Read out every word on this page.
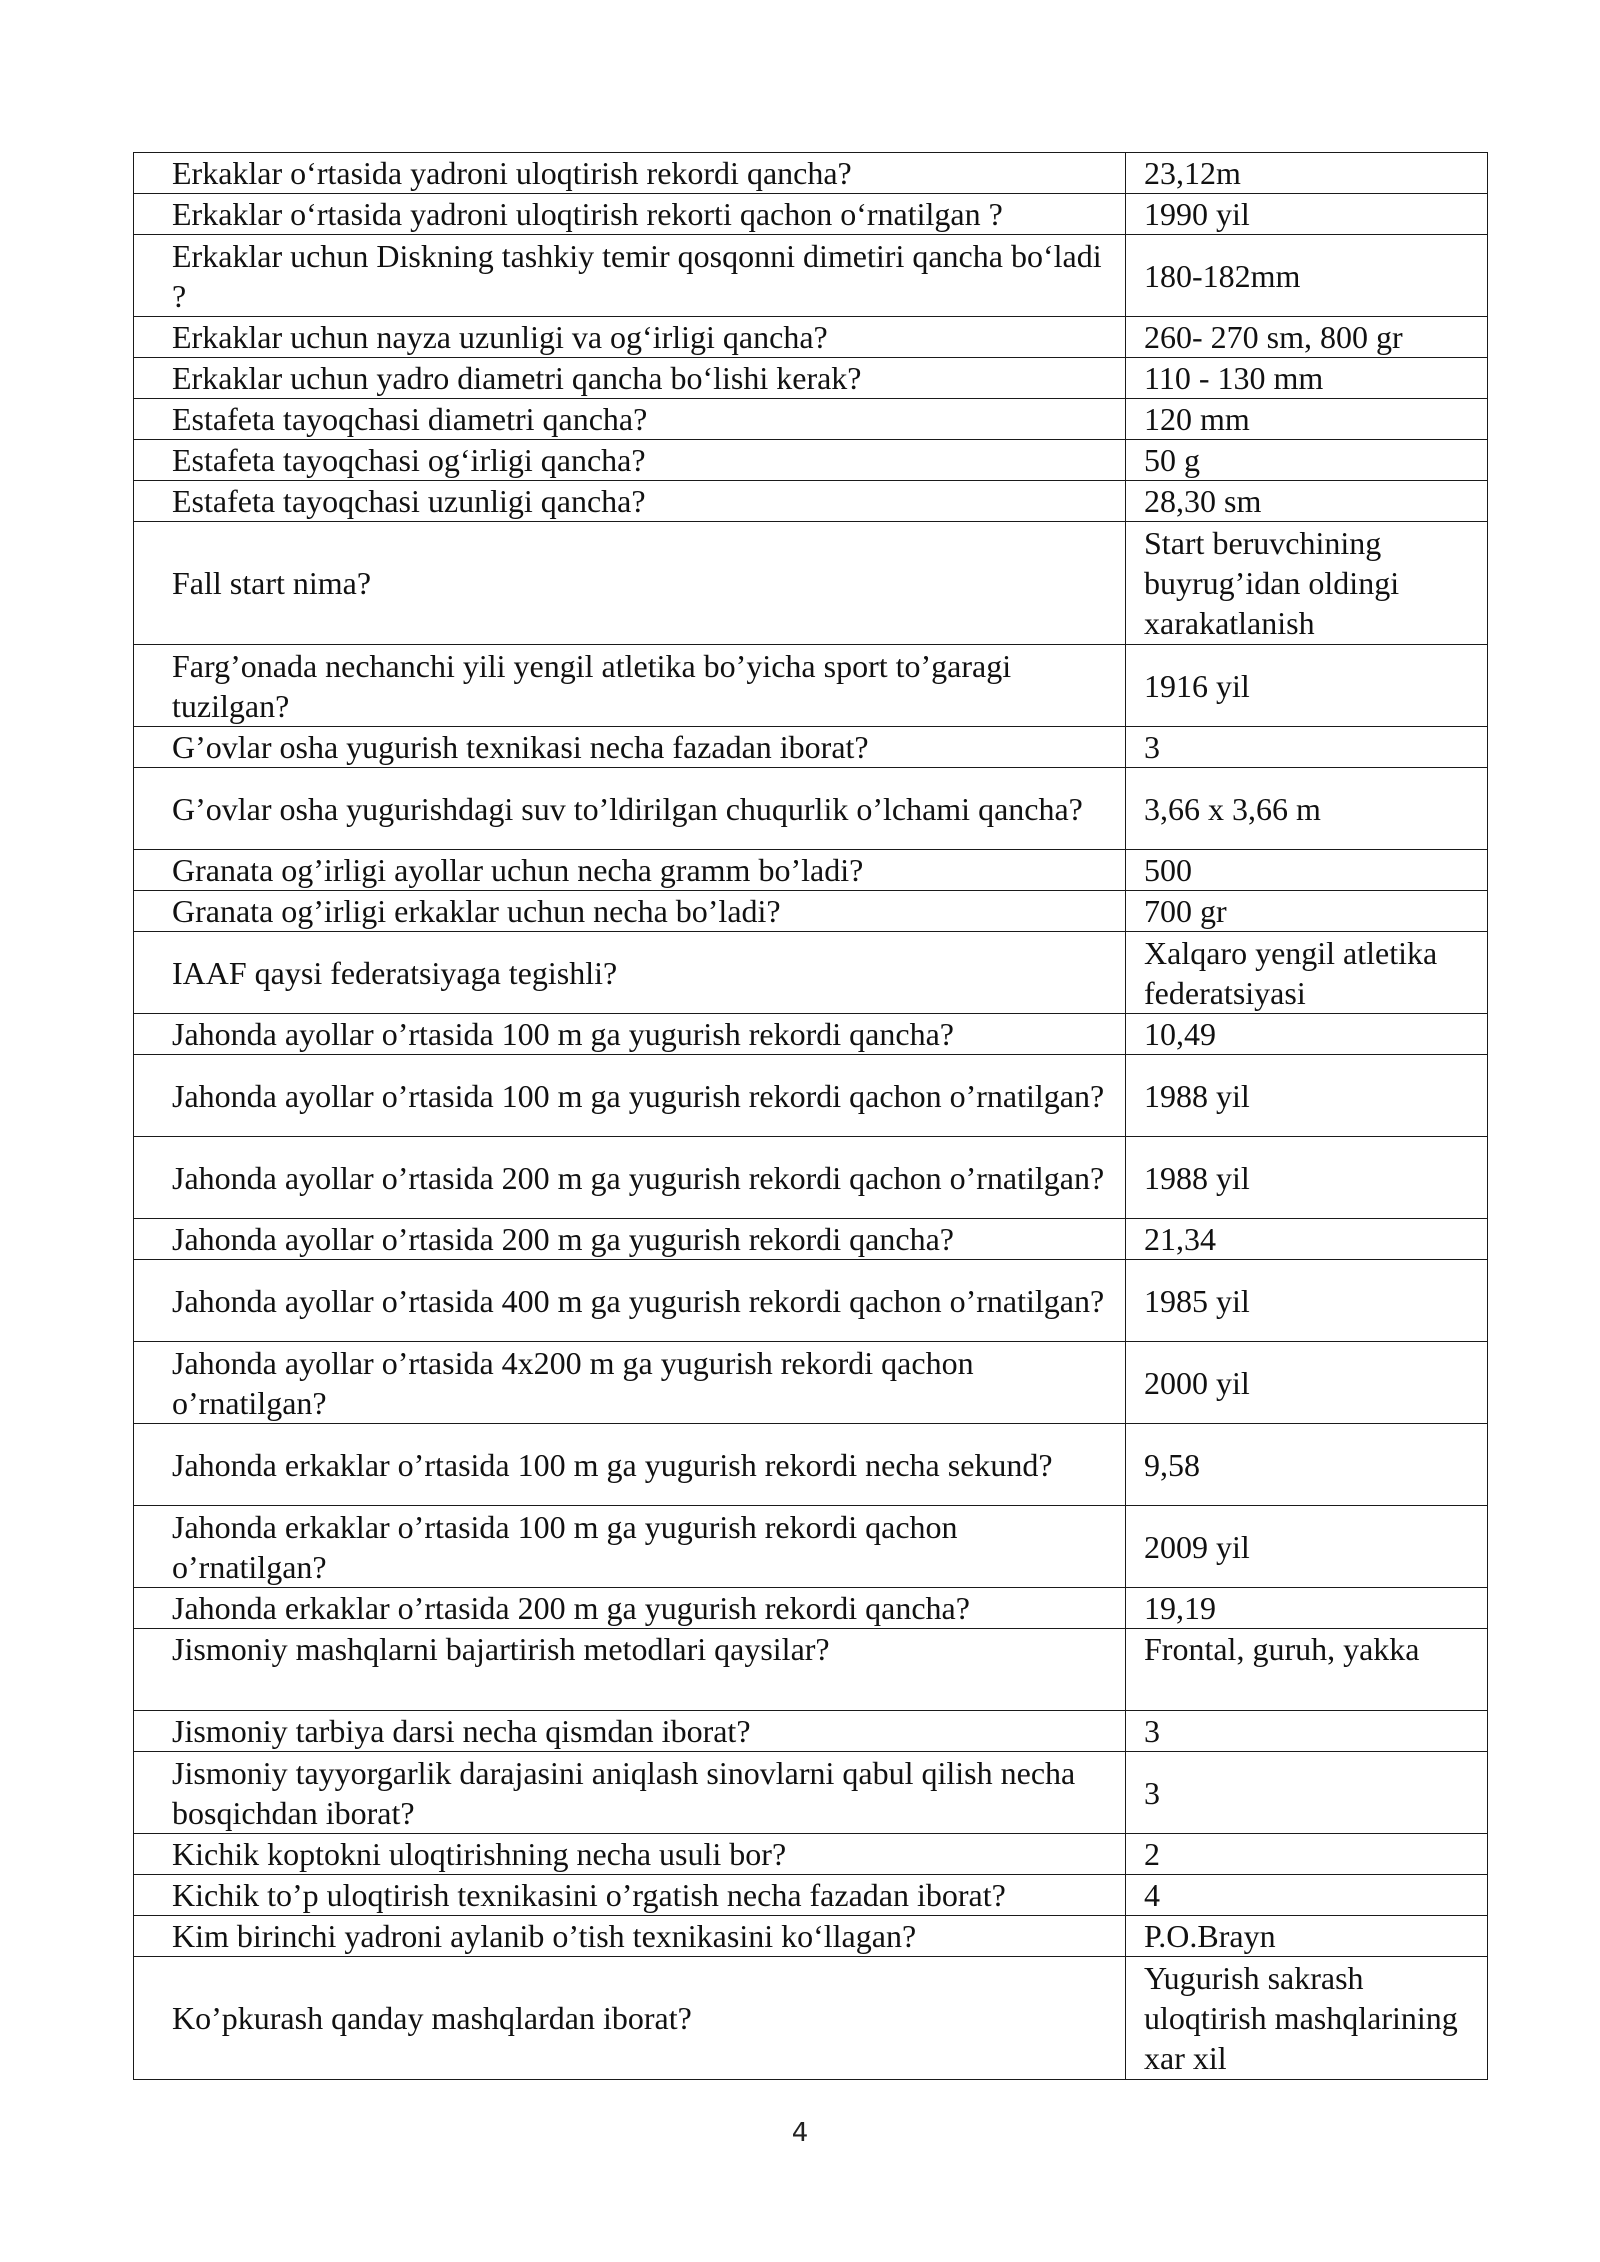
Erkaklar o‘rtasida yadroni uloqtirish rekordi qancha?	23,12m
Erkaklar o‘rtasida yadroni uloqtirish rekorti qachon o‘rnatilgan ?	1990 yil
Erkaklar uchun Diskning tashkiy temir qosqonni dimetiri qancha bo‘ladi ?	180-182mm
Erkaklar uchun nayza uzunligi va og‘irligi qancha?	260- 270 sm, 800 gr
Erkaklar uchun yadro diametri qancha bo‘lishi kerak?	110 - 130 mm
Estafeta tayoqchasi diametri qancha?	120 mm
Estafeta tayoqchasi og‘irligi qancha?	50 g
Estafeta tayoqchasi uzunligi qancha?	28,30 sm
Fall start nima?	Start beruvchining buyrug’idan oldingi xarakatlanish
Farg’onada nechanchi yili yengil atletika bo’yicha sport to’garagi tuzilgan?	1916 yil
G’ovlar osha yugurish texnikasi necha fazadan iborat?	3
G’ovlar osha yugurishdagi suv to’ldirilgan chuqurlik o’lchami qancha?	3,66 x 3,66 m
Granata og’irligi ayollar uchun necha gramm bo’ladi?	500
Granata og’irligi erkaklar uchun necha bo’ladi?	700 gr
IAAF qaysi federatsiyaga tegishli?	Xalqaro yengil atletika federatsiyasi
Jahonda ayollar o’rtasida 100 m ga yugurish rekordi qancha?	10,49
Jahonda ayollar o’rtasida 100 m ga yugurish rekordi qachon o’rnatilgan?	1988 yil
Jahonda ayollar o’rtasida 200 m ga yugurish rekordi qachon o’rnatilgan?	1988 yil
Jahonda ayollar o’rtasida 200 m ga yugurish rekordi qancha?	21,34
Jahonda ayollar o’rtasida 400 m ga yugurish rekordi qachon o’rnatilgan?	1985 yil
Jahonda ayollar o’rtasida 4x200 m ga yugurish rekordi qachon o’rnatilgan?	2000 yil
Jahonda erkaklar o’rtasida 100 m ga yugurish rekordi necha sekund?	9,58
Jahonda erkaklar o’rtasida 100 m ga yugurish rekordi qachon o’rnatilgan?	2009 yil
Jahonda erkaklar o’rtasida 200 m ga yugurish rekordi qancha?	19,19
Jismoniy mashqlarni bajartirish metodlari qaysilar?	Frontal, guruh, yakka
Jismoniy tarbiya darsi necha qismdan iborat?	3
Jismoniy tayyorgarlik darajasini aniqlash sinovlarni qabul qilish necha bosqichdan iborat?	3
Kichik koptokni uloqtirishning necha usuli bor?	2
Kichik to’p uloqtirish texnikasini o’rgatish necha fazadan iborat?	4
Kim birinchi yadroni aylanib o’tish texnikasini ko‘llagan?	P.O.Brayn
Ko’pkurash qanday mashqlardan iborat?	Yugurish sakrash uloqtirish mashqlarining xar xil
4
